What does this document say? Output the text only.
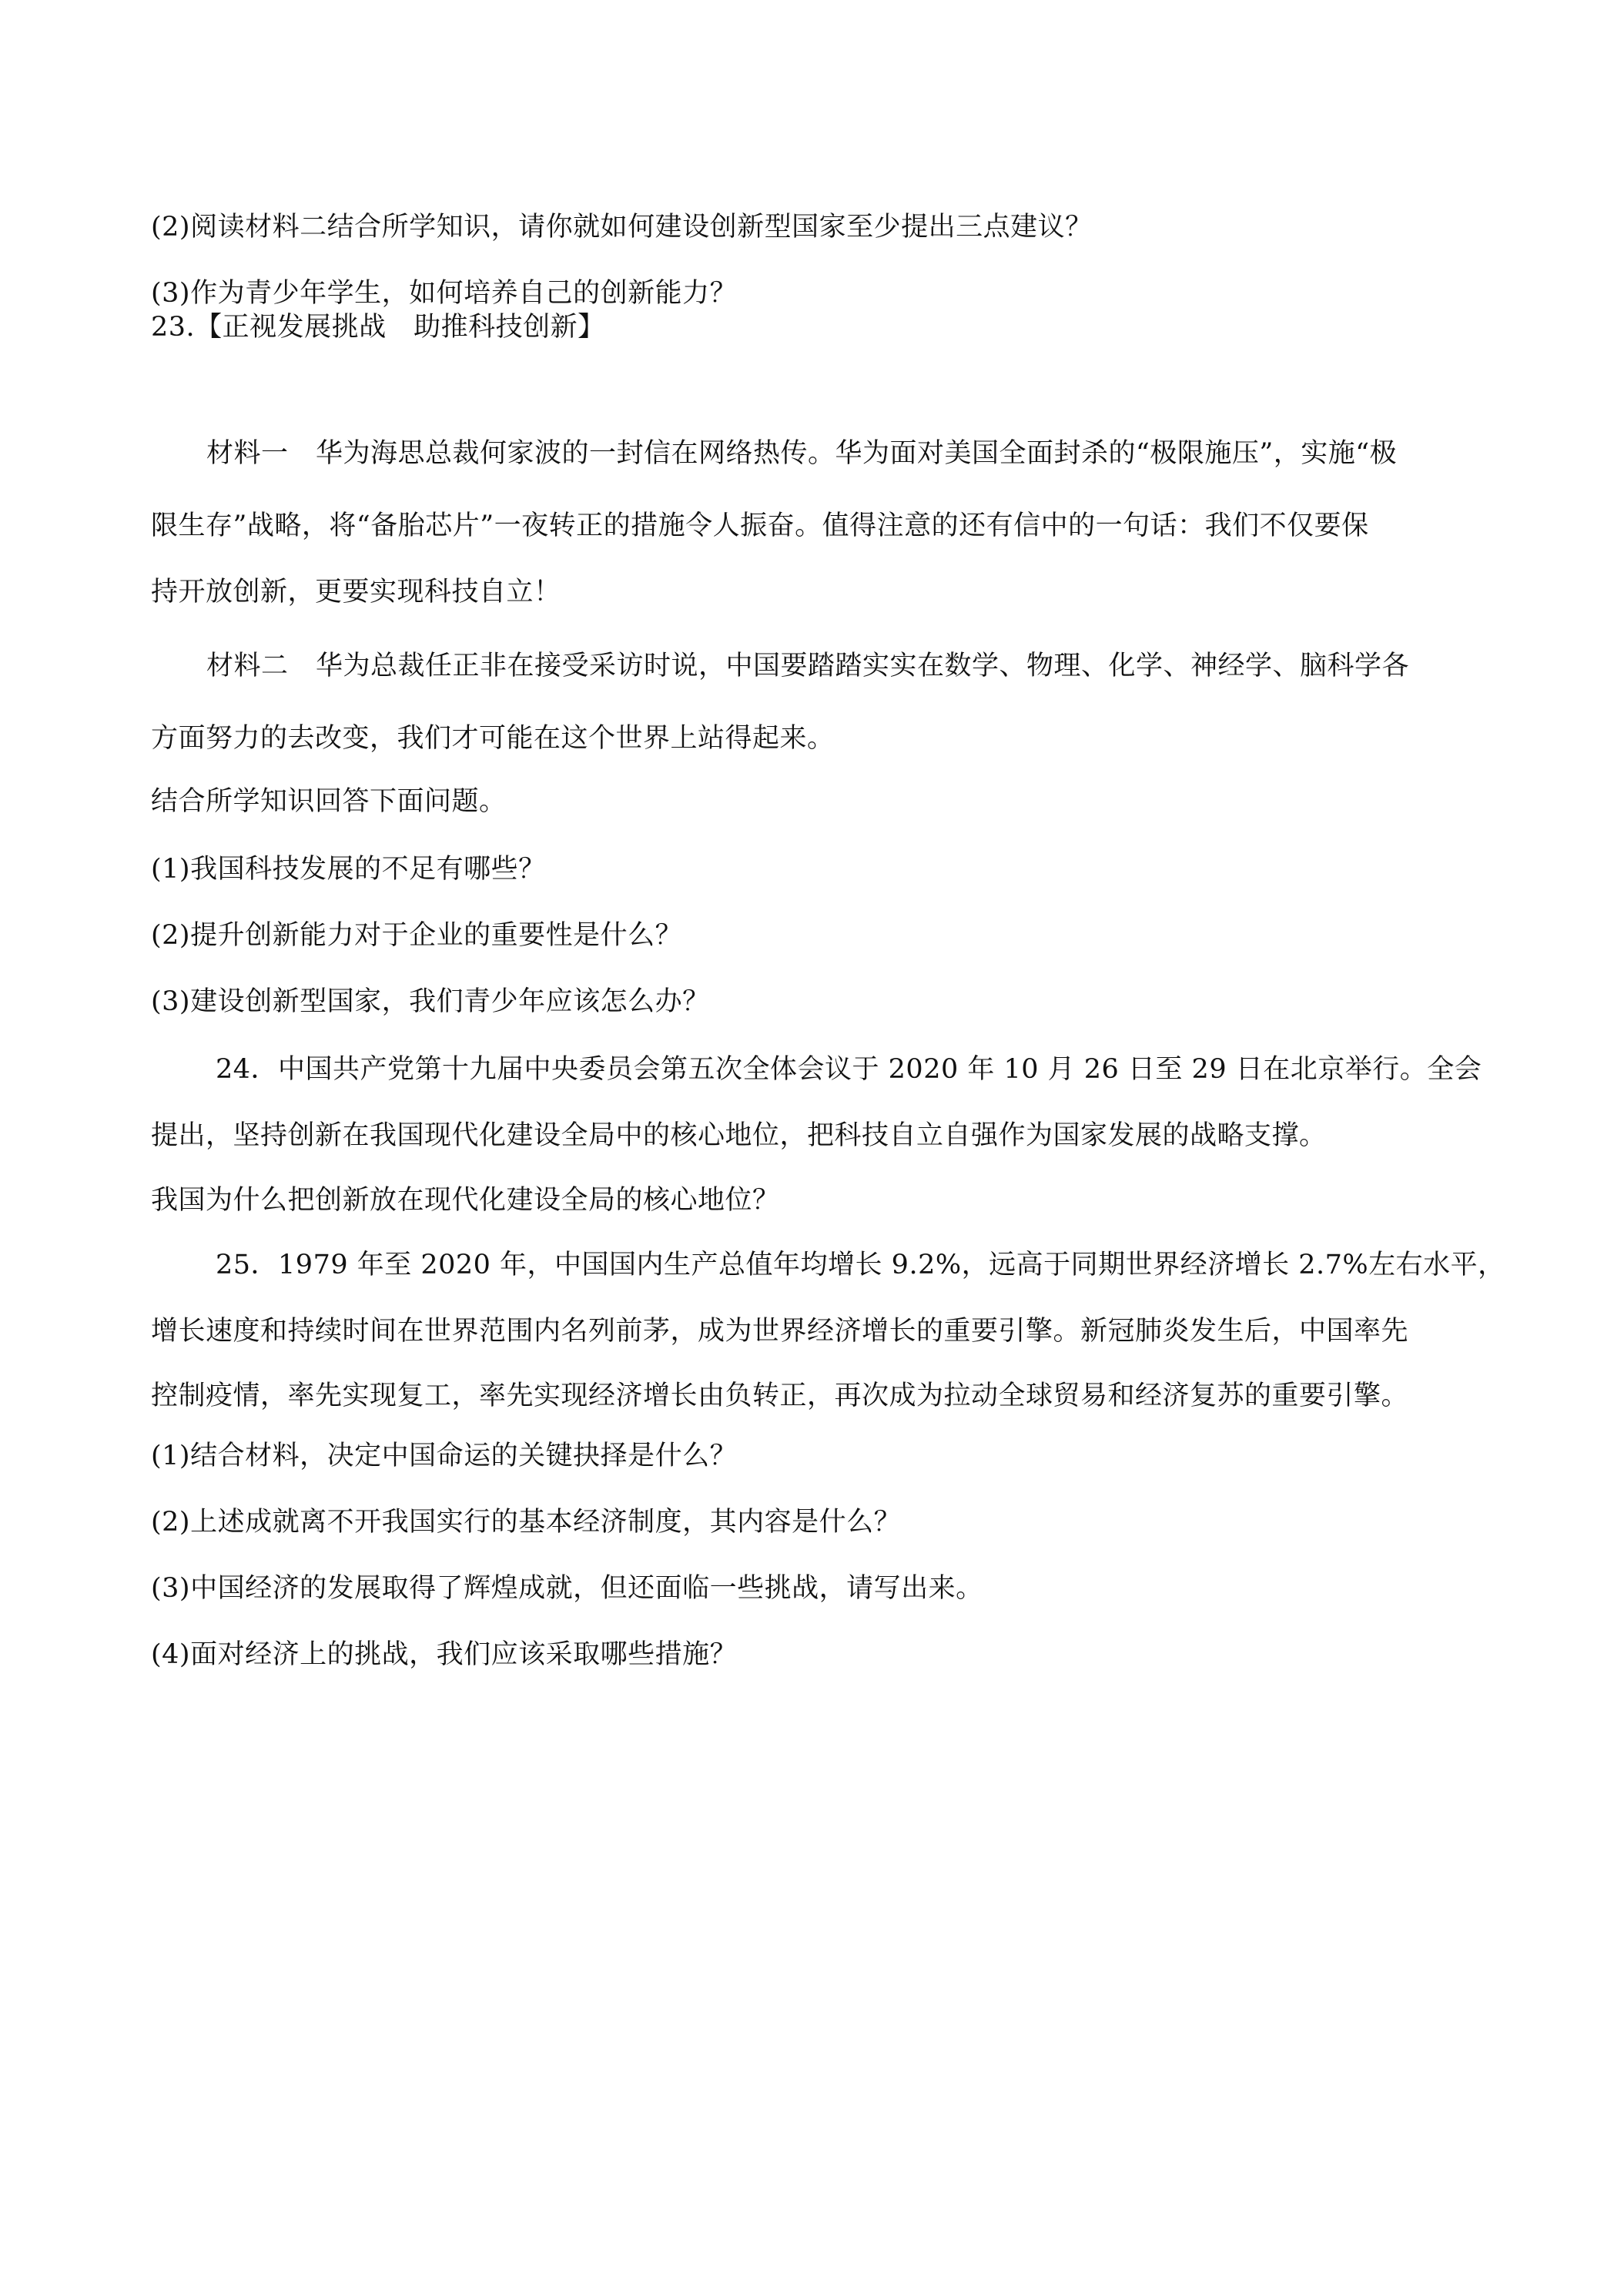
(2)阅读材料二结合所学知识，请你就如何建设创新型国家至少提出三点建议？
(3)作为青少年学生，如何培养自己的创新能力？
23.【正视发展挑战　助推科技创新】
材料一　华为海思总裁何家波的一封信在网络热传。华为面对美国全面封杀的“极限施压”，实施“极
限生存”战略，将“备胎芯片”一夜转正的措施令人振奋。值得注意的还有信中的一句话：我们不仅要保
持开放创新，更要实现科技自立！
材料二　华为总裁任正非在接受采访时说，中国要踏踏实实在数学、物理、化学、神经学、脑科学各
方面努力的去改变，我们才可能在这个世界上站得起来。
结合所学知识回答下面问题。
(1)我国科技发展的不足有哪些？
(2)提升创新能力对于企业的重要性是什么？
(3)建设创新型国家，我们青少年应该怎么办？
24．中国共产党第十九届中央委员会第五次全体会议于 2020 年 10 月 26 日至 29 日在北京举行。全会
提出，坚持创新在我国现代化建设全局中的核心地位，把科技自立自强作为国家发展的战略支撑。
我国为什么把创新放在现代化建设全局的核心地位？
25．1979 年至 2020 年，中国国内生产总值年均增长 9.2%，远高于同期世界经济增长 2.7%左右水平，
增长速度和持续时间在世界范围内名列前茅，成为世界经济增长的重要引擎。新冠肺炎发生后，中国率先
控制疫情，率先实现复工，率先实现经济增长由负转正，再次成为拉动全球贸易和经济复苏的重要引擎。
(1)结合材料，决定中国命运的关键抉择是什么？
(2)上述成就离不开我国实行的基本经济制度，其内容是什么？
(3)中国经济的发展取得了辉煌成就，但还面临一些挑战，请写出来。
(4)面对经济上的挑战，我们应该采取哪些措施？
